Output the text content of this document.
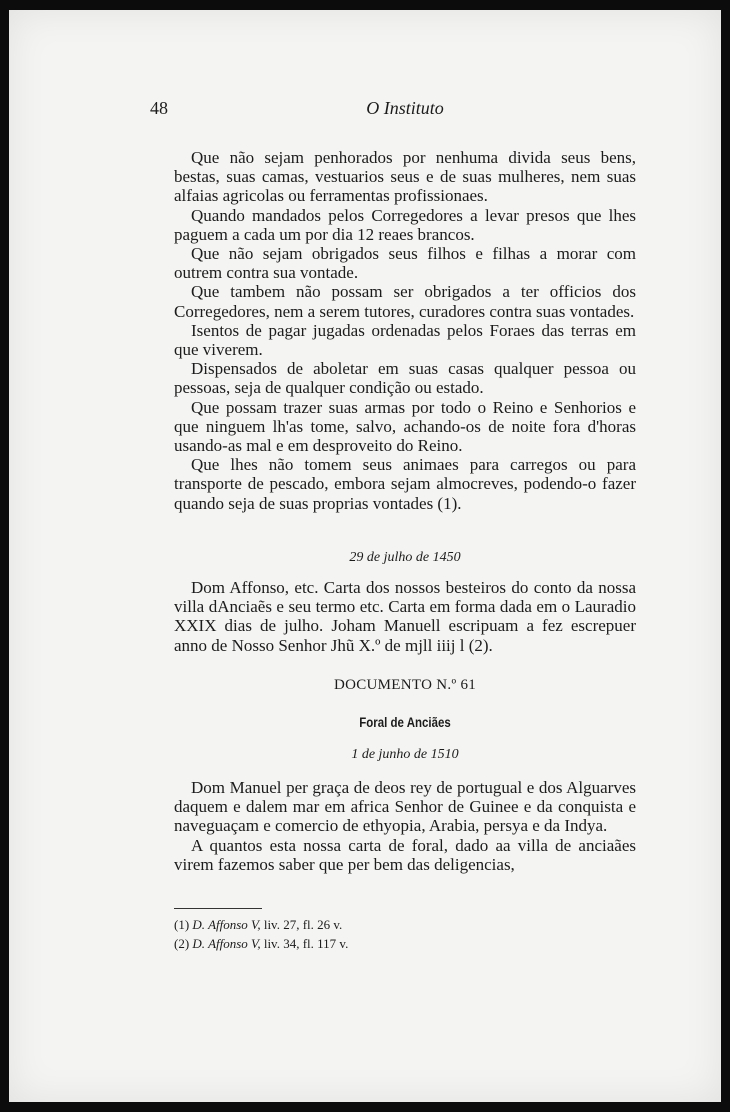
48	O Instituto

Que não sejam penhorados por nenhuma divida seus bens, bestas, suas camas, vestuarios seus e de suas mulheres, nem suas alfaias agricolas ou ferramentas profissionaes.

Quando mandados pelos Corregedores a levar presos que lhes paguem a cada um por dia 12 reaes brancos.

Que não sejam obrigados seus filhos e filhas a morar com outrem contra sua vontade.

Que tambem não possam ser obrigados a ter officios dos Corregedores, nem a serem tutores, curadores contra suas vontades.

Isentos de pagar jugadas ordenadas pelos Foraes das terras em que viverem.

Dispensados de aboletar em suas casas qualquer pessoa ou pessoas, seja de qualquer condição ou estado.

Que possam trazer suas armas por todo o Reino e Senhorios e que ninguem lh'as tome, salvo, achando-os de noite fora d'horas usando-as mal e em desproveito do Reino.

Que lhes não tomem seus animaes para carregos ou para transporte de pescado, embora sejam almocreves, podendo-o fazer quando seja de suas proprias vontades (1).

29 de julho de 1450

Dom Affonso, etc. Carta dos nossos besteiros do conto da nossa villa dAnciaẽs e seu termo etc. Carta em forma dada em o Lauradio XXIX dias de julho. Joham Manuell escripuam a fez escrepuer anno de Nosso Senhor Jhũ X.º de mjll iiij l (2).

DOCUMENTO N.º 61
Foral de Anciães
1 de junho de 1510

Dom Manuel per graça de deos rey de portugual e dos Alguarves daquem e dalem mar em africa Senhor de Guinee e da conquista e naveguaçam e comercio de ethyopia, Arabia, persya e da Indya.

A quantos esta nossa carta de foral, dado aa villa de anciaães virem fazemos saber que per bem das deligencias,

(1) D. Affonso V, liv. 27, fl. 26 v.
(2) D. Affonso V, liv. 34, fl. 117 v.
